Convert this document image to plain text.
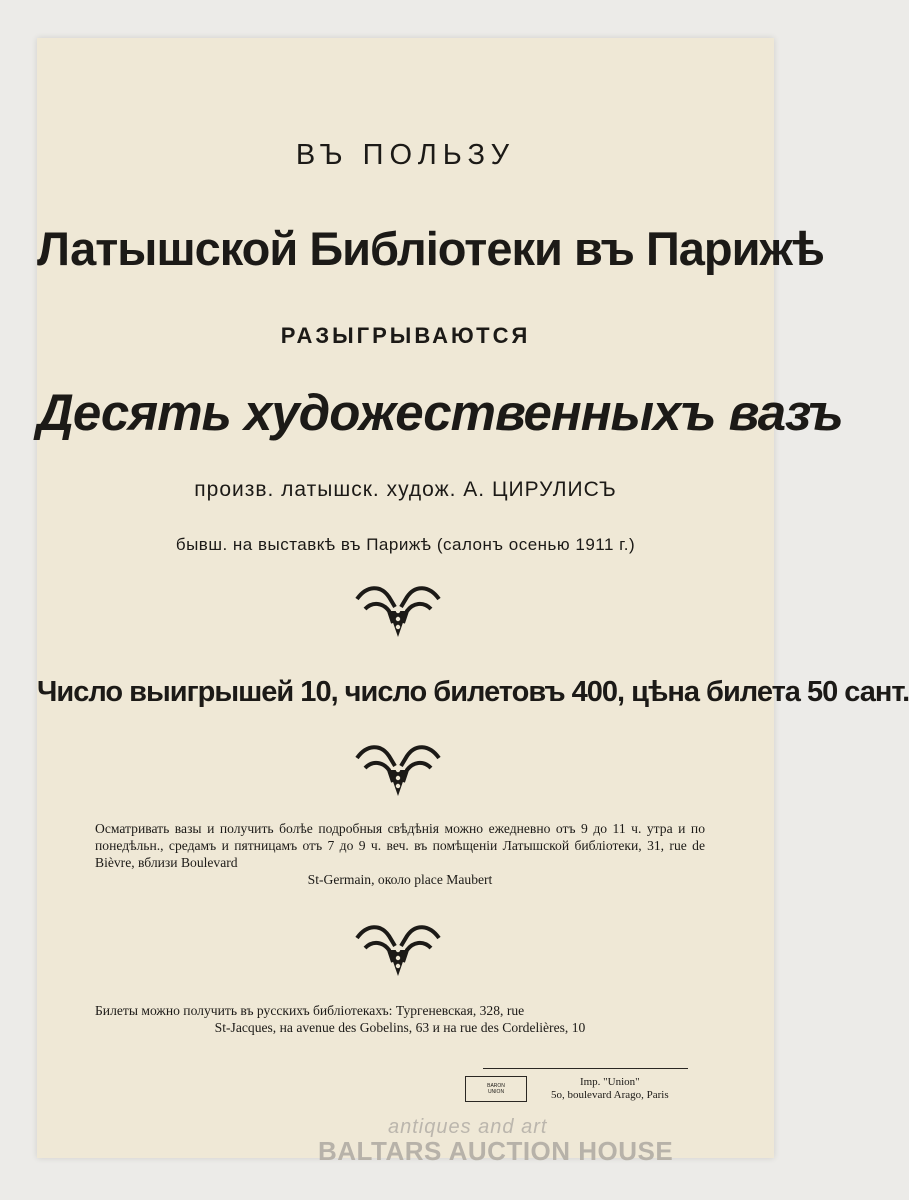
ВЪ ПОЛЬЗУ
Латышской Библіотеки въ Парижѣ
РАЗЫГРЫВАЮТСЯ
Десять художественныхъ вазъ
произв. латышск. худож. А. ЦИРУЛИСЪ
бывш. на выставкѣ въ Парижѣ (салонъ осенью 1911 г.)
Число выигрышей 10, число билетовъ 400, цѣна билета 50 сант.
Осматривать вазы и получить болѣе подробныя свѣдѣнія можно ежедневно отъ 9 до 11 ч. утра и по понедѣльн., средамъ и пятницамъ отъ 7 до 9 ч. веч. въ помѣщеніи Латышской библіотеки, 31, rue de Bièvre, вблизи Boulevard
St-Germain, около place Maubert
Билеты можно получить въ русскихъ библіотекахъ: Тургеневская, 328, rue
St-Jacques, на avenue des Gobelins, 63 и на rue des Cordelières, 10
BARON
UNION
Imp. "Union"
5o, boulevard Arago, Paris
antiques and art
BALTARS AUCTION HOUSE
